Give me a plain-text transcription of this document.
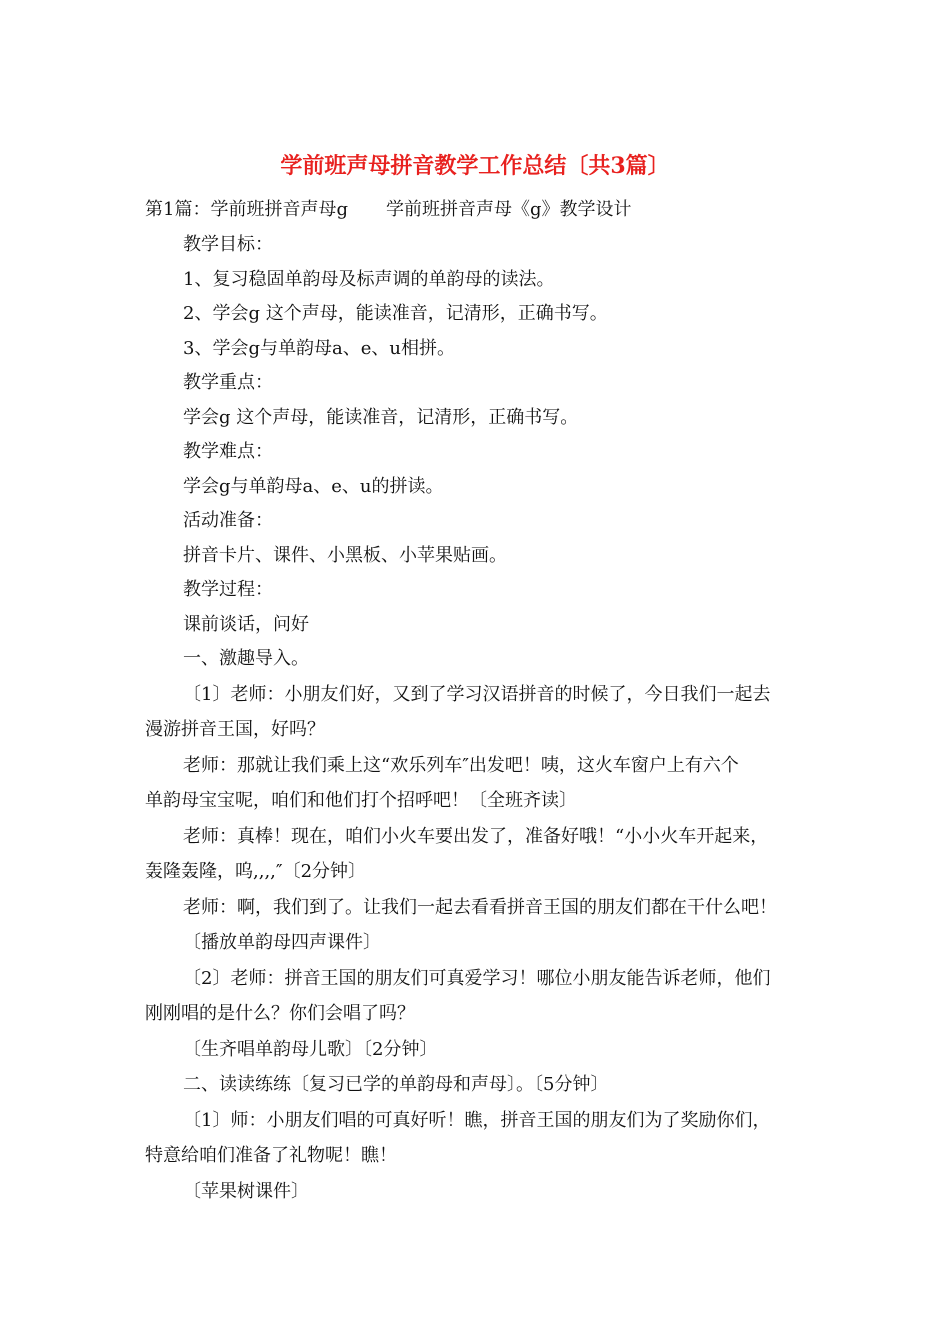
学前班声母拼音教学工作总结〔共3篇〕
第1篇：学前班拼音声母g 学前班拼音声母《g》教学设计
教学目标：
1、复习稳固单韵母及标声调的单韵母的读法。
2、学会g 这个声母，能读准音，记清形，正确书写。
3、学会g与单韵母a、e、u相拼。
教学重点：
学会g 这个声母，能读准音，记清形，正确书写。
教学难点：
学会g与单韵母a、e、u的拼读。
活动准备：
拼音卡片、课件、小黑板、小苹果贴画。
教学过程：
课前谈话，问好
一、激趣导入。
〔1〕老师：小朋友们好，又到了学习汉语拼音的时候了，今日我们一起去
漫游拼音王国，好吗？
老师：那就让我们乘上这“欢乐列车″出发吧！咦，这火车窗户上有六个
单韵母宝宝呢，咱们和他们打个招呼吧！〔全班齐读〕
老师：真棒！现在，咱们小火车要出发了，准备好哦！“小小火车开起来，
轰隆轰隆，呜,,,,″〔2分钟〕
老师：啊，我们到了。让我们一起去看看拼音王国的朋友们都在干什么吧！
〔播放单韵母四声课件〕
〔2〕老师：拼音王国的朋友们可真爱学习！哪位小朋友能告诉老师，他们
刚刚唱的是什么？你们会唱了吗？
〔生齐唱单韵母儿歌〕〔2分钟〕
二、读读练练〔复习已学的单韵母和声母〕。〔5分钟〕
〔1〕师：小朋友们唱的可真好听！瞧，拼音王国的朋友们为了奖励你们，
特意给咱们准备了礼物呢！瞧！
〔苹果树课件〕
